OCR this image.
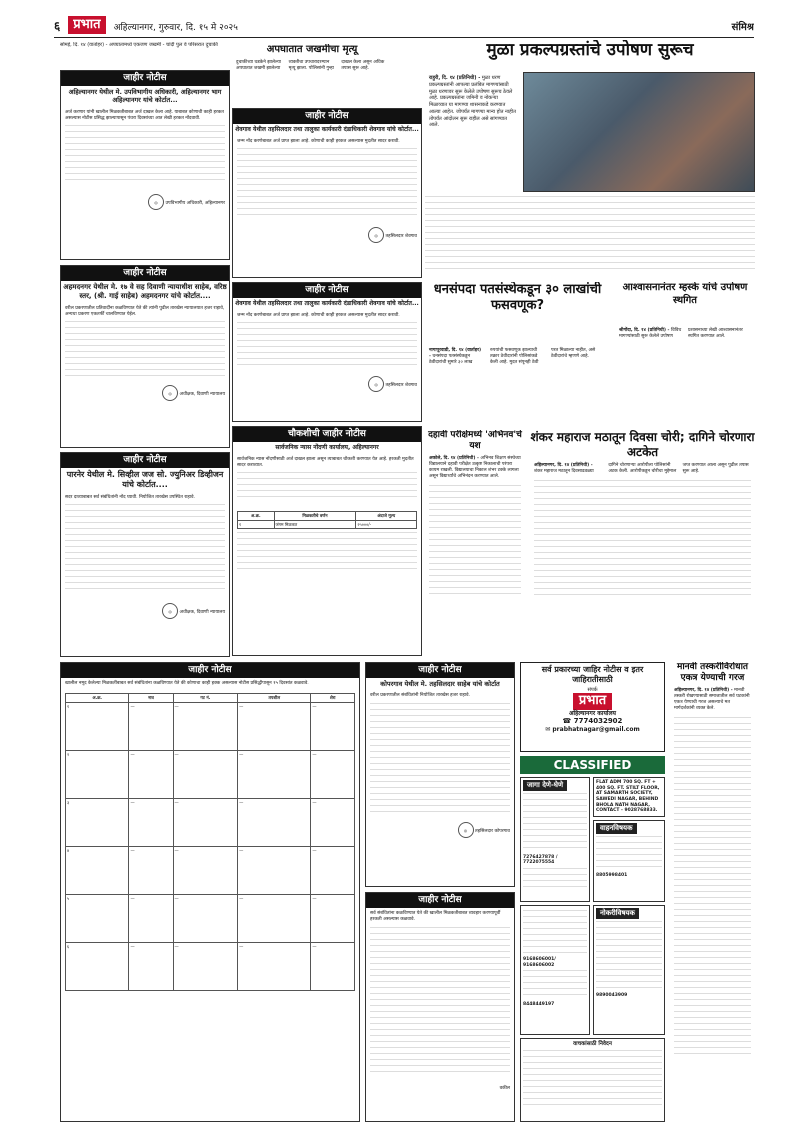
६	प्रभात	अहिल्यानगर, गुरुवार, दि. १५ मे २०२५	संमिश्र
सोमई, दि. १४ (वार्ताहर) - अपघातामध्ये एकजण जखमी - चांदी पुल वे परिसरात दुचाकी
जाहीर नोटीस
अहिल्यानगर येथील मे. उपविभागीय अधिकारी, अहिल्यानगर भाग अहिल्यानगर यांचे कोर्टात...

अर्ज करणार यांनी खालील मिळकतीबाबत अर्ज दाखल केला आहे. याबाबत कोणाची काही हरकत असल्यास नोटीस प्रसिद्ध झाल्यापासून पंधरा दिवसांच्या आत लेखी हरकत नोंदवावी.

◎ उपविभागीय अधिकारी, अहिल्यानगर
जाहीर नोटीस
अहमदनगर येथील मे. १७ वे सह दिवाणी न्यायाधीश साहेब, वरिष्ठ स्तर, (श्री. गाई साहेब) अहमदनगर यांचे कोर्टात....

वरील प्रकरणातील प्रतिवादींना कळविण्यात येते की त्यांनी पुढील तारखेस न्यायालयात हजर राहावे, अन्यथा प्रकरण एकतर्फी चालविण्यात येईल.

◎ अधीक्षक, दिवाणी न्यायालय
जाहीर नोटीस
पारनेर येथील मे. सिव्हील जज सो. ज्युनिअर डिव्हीजन यांचे कोर्टात....

सदर दाव्याबाबत सर्व संबंधितांनी नोंद घ्यावी. नियोजित तारखेस उपस्थित राहावे.

◎ अधीक्षक, दिवाणी न्यायालय
अपघातात जखमीचा मृत्यू
दुचाकीच्या धडकेने झालेल्या अपघातात जखमी झालेल्या व्यक्तीचा उपचारादरम्यान मृत्यू झाला. पोलिसांनी गुन्हा दाखल केला असून अधिक तपास सुरू आहे.
जाहीर नोटीस
शेवगाव येथील तहसिलदार तथा तालुका कार्यकारी दंडाधिकारी शेवगाव यांचे कोर्टात...

जन्म नोंद करणेबाबत अर्ज प्राप्त झाला आहे. कोणाची काही हरकत असल्यास मुदतीत सादर करावी.

◎ तहसिलदार शेवगाव
जाहीर नोटीस
शेवगाव येथील तहसिलदार तथा तालुका कार्यकारी दंडाधिकारी शेवगाव यांचे कोर्टात...

जन्म नोंद करणेबाबत अर्ज प्राप्त झाला आहे. कोणाची काही हरकत असल्यास मुदतीत सादर करावी.

◎ तहसिलदार शेवगाव
चौकशीची जाहीर नोटीस
सार्वजनिक न्यास नोंदणी कार्यालय, अहिल्यानगर

सार्वजनिक न्यास नोंदणीसाठी अर्ज दाखल झाला असून त्याबाबत चौकशी करण्यात येत आहे. हरकती मुदतीत सादर कराव्यात.

अ.क्र.	मिळकतीचे वर्णन	अंदाजे मूल्य
१	जंगम मिळकत	२५०००/-

मुळा प्रकल्पग्रस्तांचे उपोषण सुरूच
राहुरी, दि. १४ (प्रतिनिधी) - मुळा धरण प्रकल्पग्रस्तांनी आपल्या प्रलंबित मागण्यांसाठी मुळा धरणावर सुरू केलेले उपोषण सुरूच ठेवले आहे. प्रकल्पग्रस्तांना जमिनी व नोकऱ्या मिळाव्यात या मागण्या शासनाकडे करण्यात आल्या आहेत. जोपर्यंत मागण्या मान्य होत नाहीत तोपर्यंत आंदोलन सुरू राहील असे सांगण्यात आले.
धनसंपदा पतसंस्थेकडून ३० लाखांची फसवणूक?
नागापूरवाडी, दि. १४ (वार्ताहर) - धनसंपदा पतसंस्थेकडून ठेवीदारांची सुमारे ३० लाख रुपयांची फसवणूक झाल्याची तक्रार ठेवीदारांनी पोलिसांकडे केली आहे. मुदत संपूनही ठेवी परत मिळाल्या नाहीत, असे ठेवीदारांचे म्हणणे आहे.
आश्वासनानंतर म्हस्के यांचे उपोषण स्थगित
श्रीगोंदा, दि. १४ (प्रतिनिधी) - विविध मागण्यांसाठी सुरू केलेले उपोषण प्रशासनाच्या लेखी आश्वासनानंतर स्थगित करण्यात आले.
दहावी परीक्षेमध्ये 'अभिनव'चे यश
अकोले, दि. १४ (प्रतिनिधी) - अभिनव शिक्षण संस्थेच्या विद्यालयाने दहावी परीक्षेत उत्कृष्ट निकालाची परंपरा कायम राखली. विद्यालयाचा निकाल शंभर टक्के लागला असून विद्यार्थ्यांचे अभिनंदन करण्यात आले.
शंकर महाराज मठातून दिवसा चोरी; दागिने चोरणारा अटकेत
अहिल्यानगर, दि. १४ (प्रतिनिधी) - शंकर महाराज मठातून दिवसाढवळ्या दागिने चोरणाऱ्या आरोपीला पोलिसांनी अटक केली. आरोपीकडून चोरीचा मुद्देमाल जप्त करण्यात आला असून पुढील तपास सुरू आहे.
जाहीर नोटीस
खालील नमूद केलेल्या मिळकतींबाबत सर्व संबंधितांना कळविण्यात येते की कोणाचा काही हक्क असल्यास नोटीस प्रसिद्धीपासून १५ दिवसांत कळवावे.
अ.क्र.	नाव	गट नं.	तपशील	शेरा
१	—	—	—	—
२	—	—	—	—
३	—	—	—	—
४	—	—	—	—
५	—	—	—	—
६	—	—	—	—
जाहीर नोटीस
कोपरगाव येथील मे. तहसिलदार साहेब यांचे कोर्टात

वरील प्रकरणातील संबंधितांनी नियोजित तारखेस हजर राहावे.

◎ तहसिलदार कोपरगाव
जाहीर नोटीस

सर्व संबंधितांना कळविण्यात येते की खालील मिळकतीबाबत व्यवहार करण्यापूर्वी हरकती असल्यास कळवावे.

वकील
सर्व प्रकारच्या जाहिर नोटीस व इतर जाहिरातीसाठी
संपर्क
प्रभात
अहिल्यानगर कार्यालय
☎ 7774032902
✉ prabhatnagar@gmail.com
CLASSIFIED
जागा देणे-घेणे
7276427878 / 7722075554
FLAT ADM 700 SQ. FT + 400 SQ. FT. STILT FLOOR, AT SAMARTH SOCIETY, SAWEDI NAGAR, BEHIND BHOLA NATH NAGAR, CONTACT - 9028768833.
वाहनविषयक
8805998401
9168606001/ 9168606002
8448449197
नोकरीविषयक
9890043909
वाचकांसाठी निवेदन
मानवी तस्करीविरोधात एकत्र येण्याची गरज
अहिल्यानगर, दि. १४ (प्रतिनिधी) - मानवी तस्करी रोखण्यासाठी समाजातील सर्व घटकांनी एकत्र येण्याची गरज असल्याचे मत मार्गदर्शकांनी व्यक्त केले.
